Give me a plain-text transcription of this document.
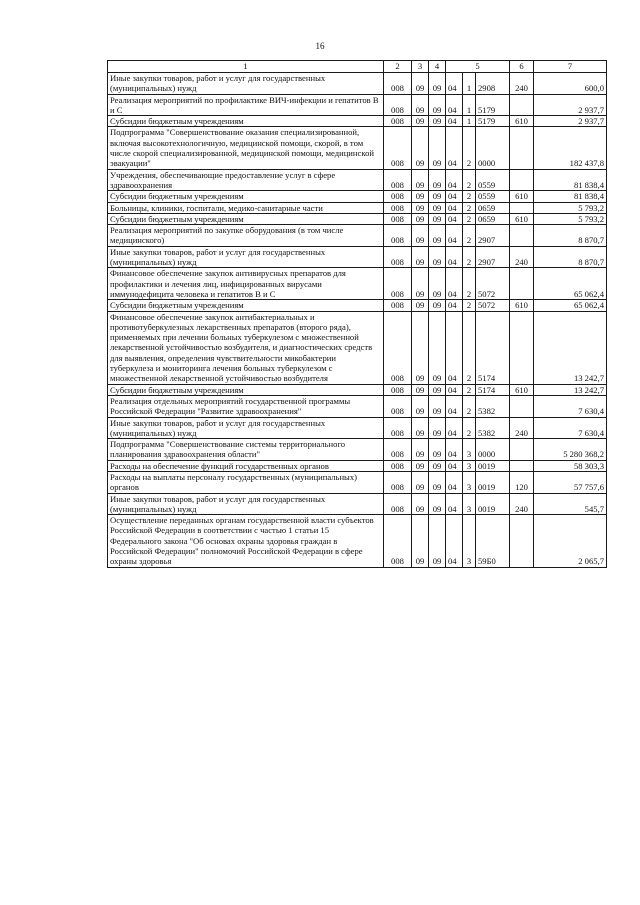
16
1	2	3	4	5			6	7
Иные закупки товаров, работ и услуг для государственных (муниципальных) нужд	008	09	09	04	1	2908	240	600,0
Реализация мероприятий по профилактике ВИЧ-инфекции и гепатитов В и С	008	09	09	04	1	5179		2 937,7
Субсидии бюджетным учреждениям	008	09	09	04	1	5179	610	2 937,7
Подпрограмма "Совершенствование оказания специализированной, включая высокотехнологичную, медицинской помощи, скорой, в том числе скорой специализированной, медицинской помощи, медицинской эвакуации"	008	09	09	04	2	0000		182 437,8
Учреждения, обеспечивающие предоставление услуг в сфере здравоохранения	008	09	09	04	2	0559		81 838,4
Субсидии бюджетным учреждениям	008	09	09	04	2	0559	610	81 838,4
Больницы, клиники, госпитали, медико-санитарные части	008	09	09	04	2	0659		5 793,2
Субсидии бюджетным учреждениям	008	09	09	04	2	0659	610	5 793,2
Реализация мероприятий по закупке оборудования (в том числе медицинского)	008	09	09	04	2	2907		8 870,7
Иные закупки товаров, работ и услуг для государственных (муниципальных) нужд	008	09	09	04	2	2907	240	8 870,7
Финансовое обеспечение закупок антивирусных препаратов для профилактики и лечения лиц, инфицированных вирусами иммунодефицита человека и гепатитов В и С	008	09	09	04	2	5072		65 062,4
Субсидии бюджетным учреждениям	008	09	09	04	2	5072	610	65 062,4
Финансовое обеспечение закупок антибактериальных и противотуберкулезных лекарственных препаратов (второго ряда), применяемых при лечении больных туберкулезом с множественной лекарственной устойчивостью возбудителя, и диагностических средств для выявления, определения чувствительности микобактерии туберкулеза и мониторинга лечения больных туберкулезом с множественной лекарственной устойчивостью возбудителя	008	09	09	04	2	5174		13 242,7
Субсидии бюджетным учреждениям	008	09	09	04	2	5174	610	13 242,7
Реализация отдельных мероприятий государственной программы Российской Федерации "Развитие здравоохранения"	008	09	09	04	2	5382		7 630,4
Иные закупки товаров, работ и услуг для государственных (муниципальных) нужд	008	09	09	04	2	5382	240	7 630,4
Подпрограмма "Совершенствование системы территориального планирования здравоохранения области"	008	09	09	04	3	0000		5 280 368,2
Расходы на обеспечение функций государственных органов	008	09	09	04	3	0019		58 303,3
Расходы на выплаты персоналу государственных (муниципальных) органов	008	09	09	04	3	0019	120	57 757,6
Иные закупки товаров, работ и услуг для государственных (муниципальных) нужд	008	09	09	04	3	0019	240	545,7
Осуществление переданных органам государственной власти субъектов Российской Федерации в соответствии с частью 1 статьи 15 Федерального закона "Об основах охраны здоровья граждан в Российской Федерации" полномочий Российской Федерации в сфере охраны здоровья	008	09	09	04	3	59Б0		2 065,7
